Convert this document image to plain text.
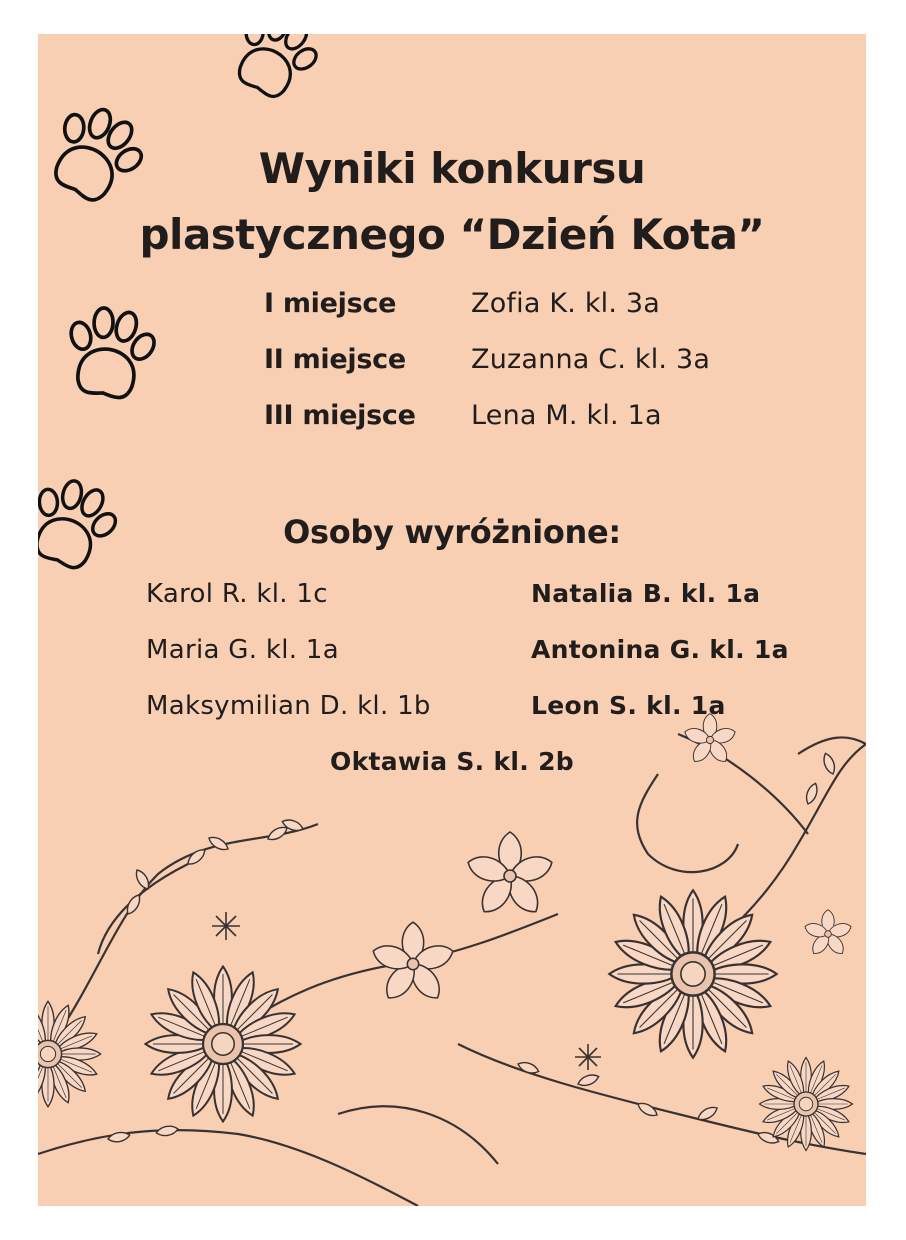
Wyniki konkursu
plastycznego “Dzień Kota”
I miejsce	Zofia K. kl. 3a
II miejsce Zuzanna C. kl. 3a
III miejsce Lena M. kl. 1a
Osoby wyróżnione:
Karol R. kl. 1c
Maria G. kl. 1a
Maksymilian D. kl. 1b
Natalia B. kl. 1a
Antonina G. kl. 1a
Leon S. kl. 1a
Oktawia S. kl. 2b
